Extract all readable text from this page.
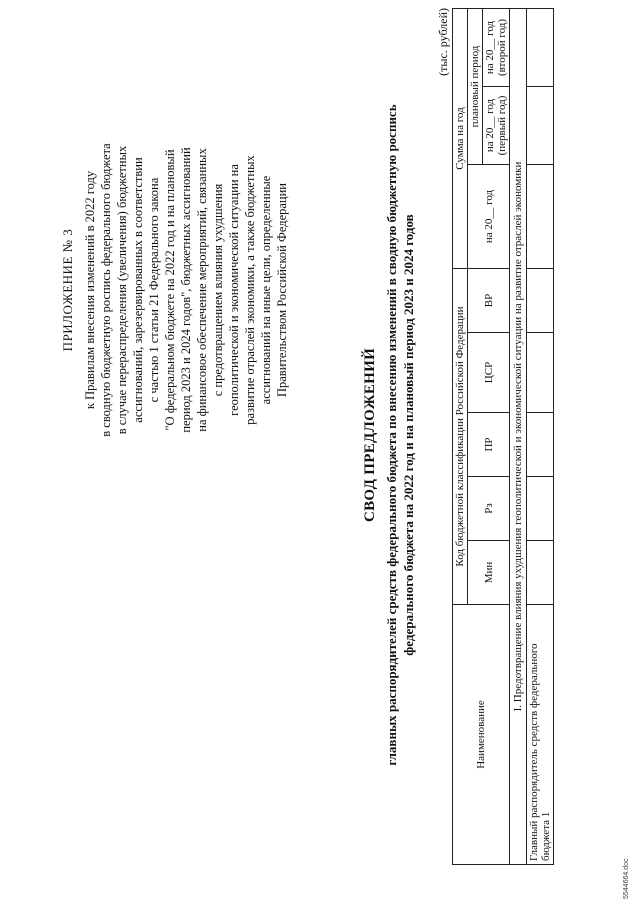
ПРИЛОЖЕНИЕ № 3 к Правилам внесения изменений в 2022 году в сводную бюджетную роспись федерального бюджета в случае перераспределения (увеличения) бюджетных ассигнований, зарезервированных в соответствии с частью 1 статьи 21 Федерального закона "О федеральном бюджете на 2022 год и на плановый период 2023 и 2024 годов", бюджетных ассигнований на финансовое обеспечение мероприятий, связанных с предотвращением влияния ухудшения геополитической и экономической ситуации на развитие отраслей экономики, а также бюджетных ассигнований на иные цели, определенные Правительством Российской Федерации
СВОД ПРЕДЛОЖЕНИЙ главных распорядителей средств федерального бюджета по внесению изменений в сводную бюджетную роспись федерального бюджета на 2022 год и на плановый период 2023 и 2024 годов
(тыс. рублей)
Наименование	Код бюджетной классификации Российской Федерации					Сумма на год		
	Мин	Рз	ПР	ЦСР	ВР	на 20__ год	плановый период	
							на 20__ год (первый год)	на 20__ год (второй год)
I. Предотвращение влияния ухудшения геополитической и экономической ситуации на развитие отраслей экономики								
Главный распорядитель средств федерального бюджета 1								
5544664.doc
